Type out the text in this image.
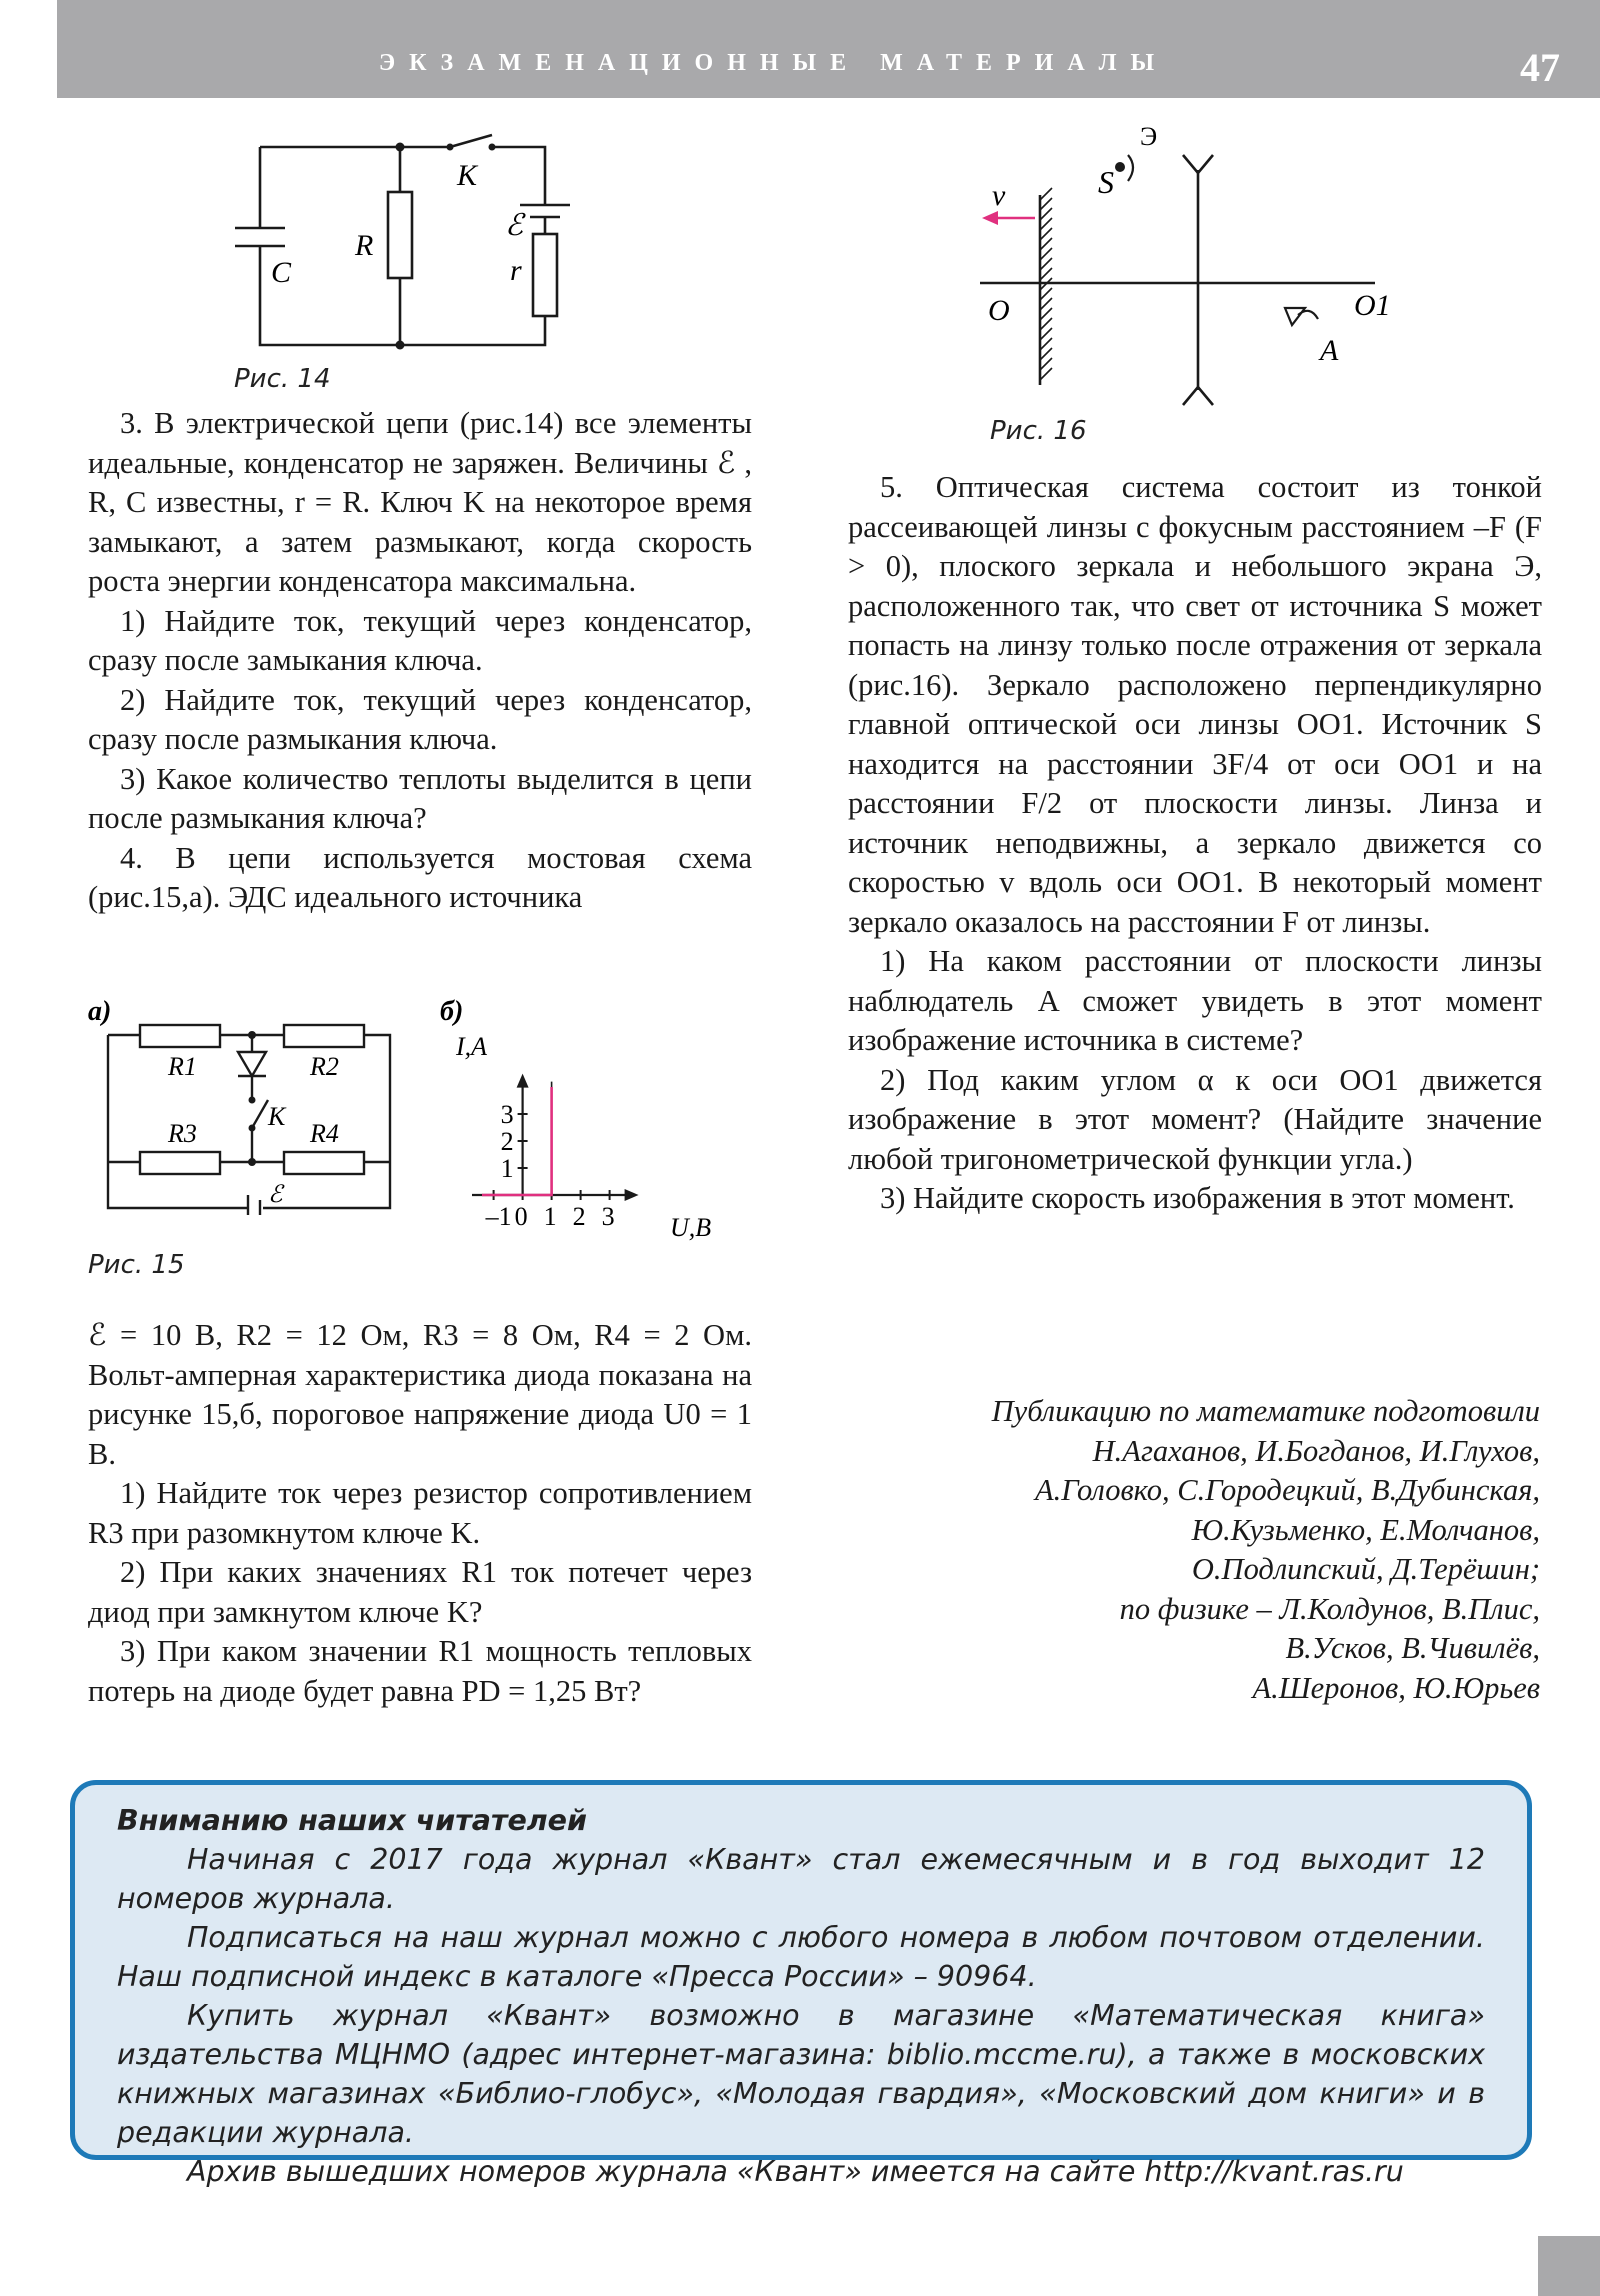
ЭКЗАМЕНАЦИОННЫЕ МАТЕРИАЛЫ	47
K
C
R
ℰ
r
Рис. 14

3. В электрической цепи (рис.14) все элементы идеальные, конденсатор не заряжен. Величины ℰ , R, C известны, r = R. Ключ K на некоторое время замыкают, а затем размыкают, когда скорость роста энергии конденсатора максимальна.

1) Найдите ток, текущий через конденсатор, сразу после замыкания ключа.

2) Найдите ток, текущий через конденсатор, сразу после размыкания ключа.

3) Какое количество теплоты выделится в цепи после размыкания ключа?

4. В цепи используется мостовая схема (рис.15,а). ЭДС идеального источника

а)
R1	R2
R3	R4
K
ℰ
б)
I,А
U,В
–1 0 1 2 3
1
2
3
Рис. 15

ℰ = 10 В, R2 = 12 Ом, R3 = 8 Ом, R4 = 2 Ом. Вольт-амперная характеристика диода показана на рисунке 15,б, пороговое напряжение диода U0 = 1 В.

1) Найдите ток через резистор сопротивлением R3 при разомкнутом ключе K.

2) При каких значениях R1 ток потечет через диод при замкнутом ключе K?

3) При каком значении R1 мощность тепловых потерь на диоде будет равна PD = 1,25 Вт?

S
Э
v
O	O1
A
Рис. 16

5. Оптическая система состоит из тонкой рассеивающей линзы с фокусным расстоянием –F (F > 0), плоского зеркала и небольшого экрана Э, расположенного так, что свет от источника S может попасть на линзу только после отражения от зеркала (рис.16). Зеркало расположено перпендикулярно главной оптической оси линзы OO1. Источник S находится на расстоянии 3F/4 от оси OO1 и на расстоянии F/2 от плоскости линзы. Линза и источник неподвижны, а зеркало движется со скоростью v вдоль оси OO1. В некоторый момент зеркало оказалось на расстоянии F от линзы.

1) На каком расстоянии от плоскости линзы наблюдатель A сможет увидеть в этот момент изображение источника в системе?

2) Под каким углом α к оси OO1 движется изображение в этот момент? (Найдите значение любой тригонометрической функции угла.)

3) Найдите скорость изображения в этот момент.

Публикацию по математике подготовили

Н.Агаханов, И.Богданов, И.Глухов,

А.Головко, С.Городецкий, В.Дубинская,

Ю.Кузьменко, Е.Молчанов,

О.Подлипский, Д.Терёшин;

по физике – Л.Колдунов, В.Плис,

В.Усков, В.Чивилёв,

А.Шеронов, Ю.Юрьев

Вниманию наших читателей

Начиная с 2017 года журнал «Квант» стал ежемесячным и в год выходит 12 номеров журнала.

Подписаться на наш журнал можно с любого номера в любом почтовом отделении. Наш подписной индекс в каталоге «Пресса России» – 90964.

Купить журнал «Квант» возможно в магазине «Математическая книга» издательства МЦНМО (адрес интернет-магазина: biblio.mccme.ru), а также в московских книжных магазинах «Библио-глобус», «Молодая гвардия», «Московский дом книги» и в редакции журнала.

Архив вышедших номеров журнала «Квант» имеется на сайте http://kvant.ras.ru
